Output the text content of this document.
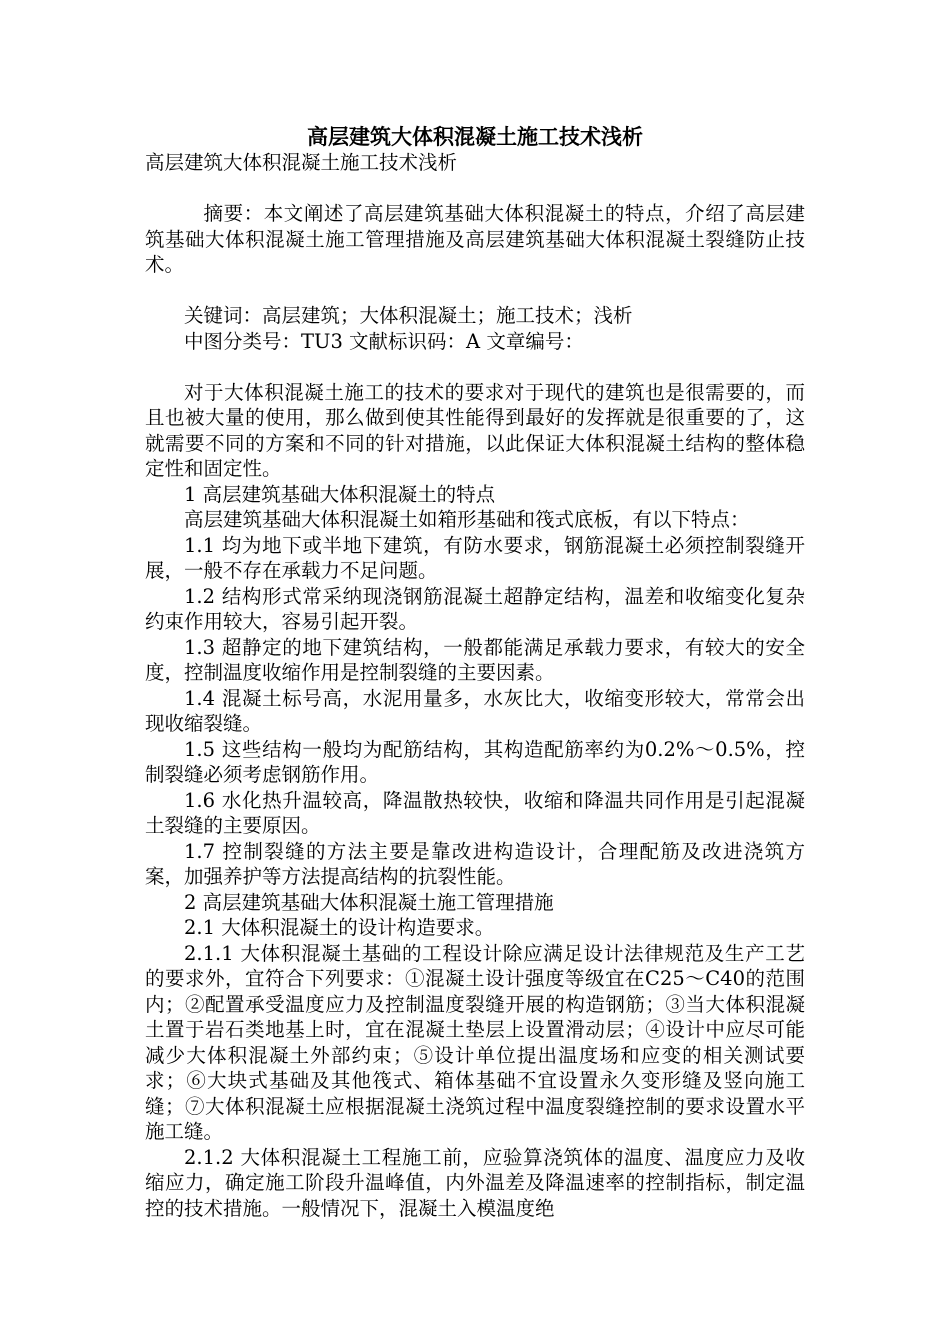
高层建筑大体积混凝土施工技术浅析

高层建筑大体积混凝土施工技术浅析

摘要：本文阐述了高层建筑基础大体积混凝土的特点，介绍了高层建筑基础大体积混凝土施工管理措施及高层建筑基础大体积混凝土裂缝防止技术。

关键词：高层建筑；大体积混凝土；施工技术；浅析

中图分类号：TU3 文献标识码：A 文章编号：

对于大体积混凝土施工的技术的要求对于现代的建筑也是很需要的，而且也被大量的使用，那么做到使其性能得到最好的发挥就是很重要的了，这就需要不同的方案和不同的针对措施，以此保证大体积混凝土结构的整体稳定性和固定性。

1 高层建筑基础大体积混凝土的特点

高层建筑基础大体积混凝土如箱形基础和筏式底板，有以下特点：

1.1 均为地下或半地下建筑，有防水要求，钢筋混凝土必须控制裂缝开展，一般不存在承载力不足问题。

1.2 结构形式常采纳现浇钢筋混凝土超静定结构，温差和收缩变化复杂约束作用较大，容易引起开裂。

1.3 超静定的地下建筑结构，一般都能满足承载力要求，有较大的安全度，控制温度收缩作用是控制裂缝的主要因素。

1.4 混凝土标号高，水泥用量多，水灰比大，收缩变形较大，常常会出现收缩裂缝。

1.5 这些结构一般均为配筋结构，其构造配筋率约为0.2%～0.5%，控制裂缝必须考虑钢筋作用。

1.6 水化热升温较高，降温散热较快，收缩和降温共同作用是引起混凝土裂缝的主要原因。

1.7 控制裂缝的方法主要是靠改进构造设计，合理配筋及改进浇筑方案，加强养护等方法提高结构的抗裂性能。

2 高层建筑基础大体积混凝土施工管理措施

2.1 大体积混凝土的设计构造要求。

2.1.1 大体积混凝土基础的工程设计除应满足设计法律规范及生产工艺的要求外，宜符合下列要求：①混凝土设计强度等级宜在C25～C40的范围内；②配置承受温度应力及控制温度裂缝开展的构造钢筋；③当大体积混凝土置于岩石类地基上时，宜在混凝土垫层上设置滑动层；④设计中应尽可能减少大体积混凝土外部约束；⑤设计单位提出温度场和应变的相关测试要求；⑥大块式基础及其他筏式、箱体基础不宜设置永久变形缝及竖向施工缝；⑦大体积混凝土应根据混凝土浇筑过程中温度裂缝控制的要求设置水平施工缝。

2.1.2 大体积混凝土工程施工前，应验算浇筑体的温度、温度应力及收缩应力，确定施工阶段升温峰值，内外温差及降温速率的控制指标，制定温控的技术措施。一般情况下，混凝土入模温度绝
